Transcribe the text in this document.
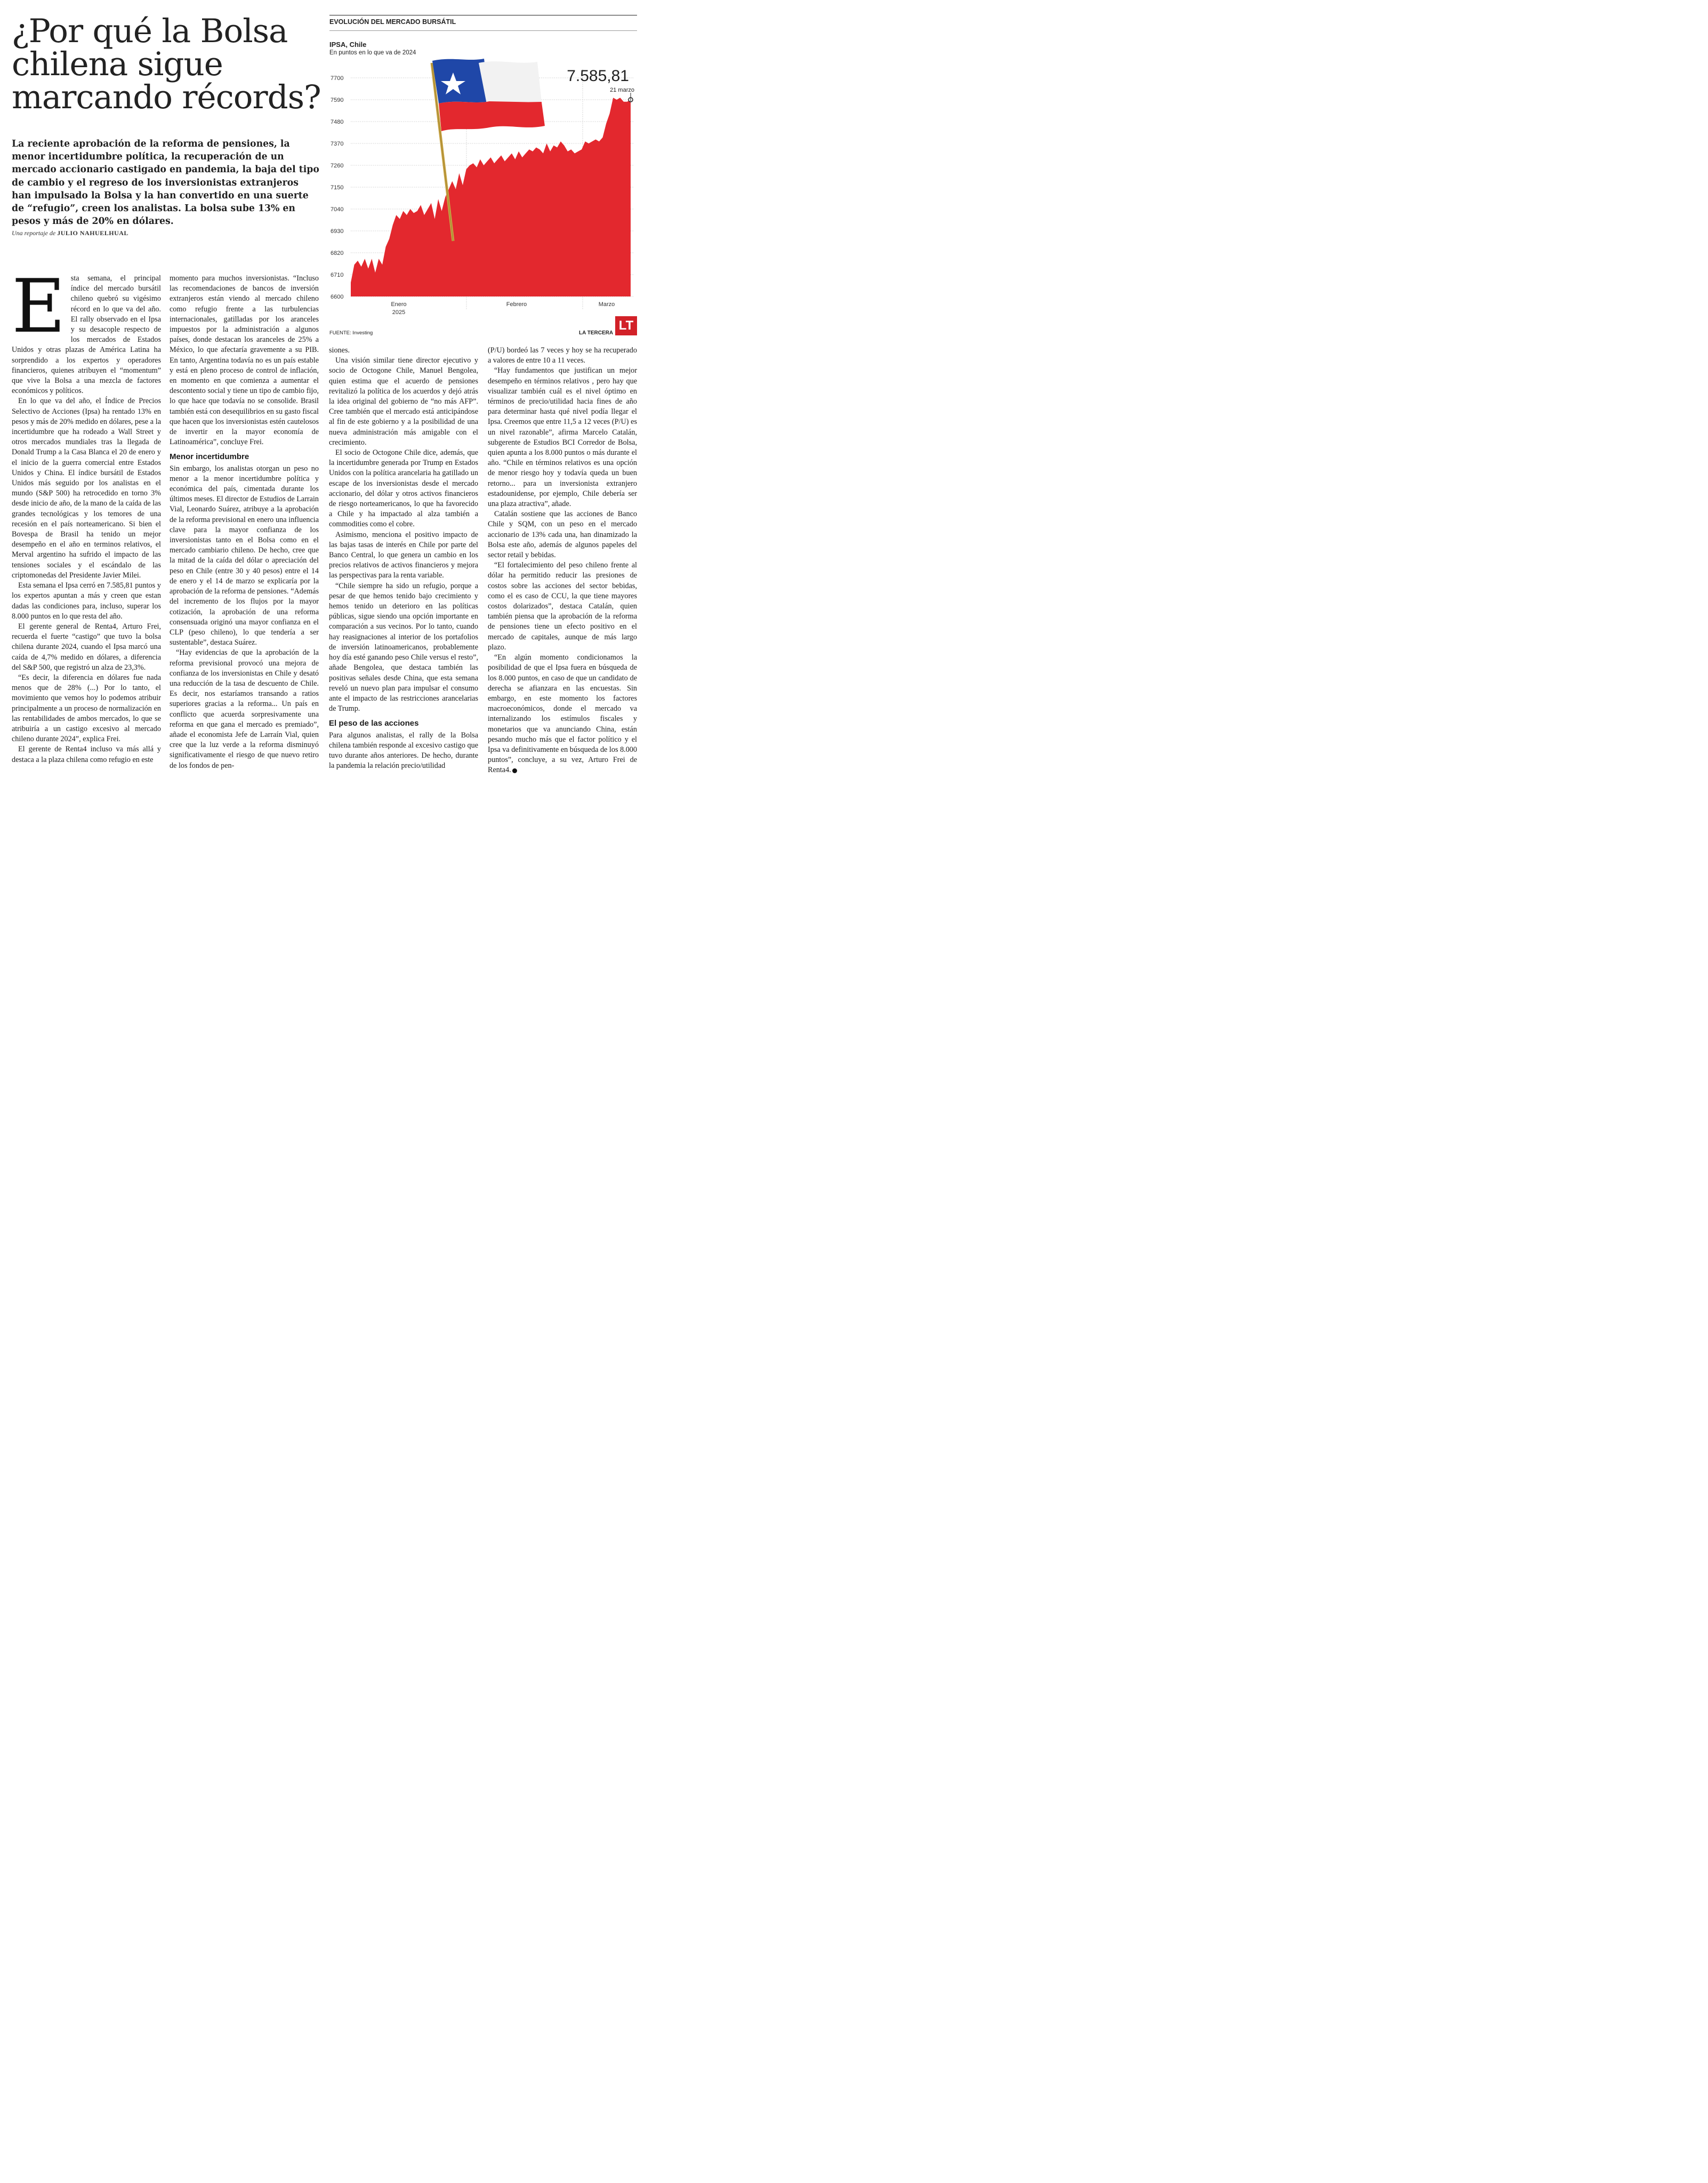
¿Por qué la Bolsa
chilena sigue
marcando récords?

La reciente aprobación de la reforma de pensiones, la menor incertidumbre política, la recuperación de un mercado accionario castigado en pandemia, la baja del tipo de cambio y el regreso de los inversionistas extranjeros han impulsado la Bolsa y la han convertido en una suerte de “refugio”, creen los analistas. La bolsa sube 13% en pesos y más de 20% en dólares.

Una reportaje de JULIO NAHUELHUAL
EVOLUCIÓN DEL MERCADO BURSÁTIL
IPSA, Chile
En puntos en lo que va de 2024
7700
7590
7480
7370
7260
7150
7040
6930
6820
6710
6600
Enero 2025
Febrero	Marzo
7.585,81
21 marzo
FUENTE: Investing	LA TERCERA
LT
E sta semana, el principal índice del mercado bursátil chileno quebró su vigésimo récord en lo que va del año. El rally observado en el Ipsa y su desacople respecto de los mercados de Estados Unidos y otras plazas de América Latina ha sorprendido a los expertos y operadores financieros, quienes atribuyen el “momentum” que vive la Bolsa a una mezcla de factores económicos y políticos.

En lo que va del año, el Índice de Precios Selectivo de Acciones (Ipsa) ha rentado 13% en pesos y más de 20% medido en dólares, pese a la incertidumbre que ha rodeado a Wall Street y otros mercados mundiales tras la llegada de Donald Trump a la Casa Blanca el 20 de enero y el inicio de la guerra comercial entre Estados Unidos y China. El índice bursátil de Estados Unidos más seguido por los analistas en el mundo (S&P 500) ha retrocedido en torno 3% desde inicio de año, de la mano de la caída de las grandes tecnológicas y los temores de una recesión en el país norteamericano. Si bien el Bovespa de Brasil ha tenido un mejor desempeño en el año en terminos relativos, el Merval argentino ha sufrido el impacto de las tensiones sociales y el escándalo de las criptomonedas del Presidente Javier Milei.

Esta semana el Ipsa cerró en 7.585,81 puntos y los expertos apuntan a más y creen que estan dadas las condiciones para, incluso, superar los 8.000 puntos en lo que resta del año.

El gerente general de Renta4, Arturo Frei, recuerda el fuerte “castigo” que tuvo la bolsa chilena durante 2024, cuando el Ipsa marcó una caída de 4,7% medido en dólares, a diferencia del S&P 500, que registró un alza de 23,3%.

“Es decir, la diferencia en dólares fue nada menos que de 28% (...) Por lo tanto, el movimiento que vemos hoy lo podemos atribuir principalmente a un proceso de normalización en las rentabilidades de ambos mercados, lo que se atribuiría a un castigo excesivo al mercado chileno durante 2024”, explica Frei.

El gerente de Renta4 incluso va más allá y destaca a la plaza chilena como refugio en este

momento para muchos inversionistas. “Incluso las recomendaciones de bancos de inversión extranjeros están viendo al mercado chileno como refugio frente a las turbulencias internacionales, gatilladas por los aranceles impuestos por la administración a algunos países, donde destacan los aranceles de 25% a México, lo que afectaría gravemente a su PIB. En tanto, Argentina todavía no es un país estable y está en pleno proceso de control de inflación, en momento en que comienza a aumentar el descontento social y tiene un tipo de cambio fijo, lo que hace que todavía no se consolide. Brasil también está con desequilibrios en su gasto fiscal que hacen que los inversionistas estén cautelosos de invertir en la mayor economía de Latinoamérica”, concluye Frei.

Menor incertidumbre

Sin embargo, los analistas otorgan un peso no menor a la menor incertidumbre política y económica del país, cimentada durante los últimos meses. El director de Estudios de Larrain Vial, Leonardo Suárez, atribuye a la aprobación de la reforma previsional en enero una influencia clave para la mayor confianza de los inversionistas tanto en el Bolsa como en el mercado cambiario chileno. De hecho, cree que la mitad de la caída del dólar o apreciación del peso en Chile (entre 30 y 40 pesos) entre el 14 de enero y el 14 de marzo se explicaría por la aprobación de la reforma de pensiones. “Además del incremento de los flujos por la mayor cotización, la aprobación de una reforma consensuada originó una mayor confianza en el CLP (peso chileno), lo que tendería a ser sustentable”, destaca Suárez.

“Hay evidencias de que la aprobación de la reforma previsional provocó una mejora de confianza de los inversionistas en Chile y desató una reducción de la tasa de descuento de Chile. Es decir, nos estaríamos transando a ratios superiores gracias a la reforma... Un país en conflicto que acuerda sorpresivamente una reforma en que gana el mercado es premiado”, añade el economista Jefe de Larraín Vial, quien cree que la luz verde a la reforma disminuyó significativamente el riesgo de que nuevo retiro de los fondos de pen-

siones.

Una visión similar tiene director ejecutivo y socio de Octogone Chile, Manuel Bengolea, quien estima que el acuerdo de pensiones revitalizó la política de los acuerdos y dejó atrás la idea original del gobierno de “no más AFP”. Cree también que el mercado está anticipándose al fin de este gobierno y a la posibilidad de una nueva administración más amigable con el crecimiento.

El socio de Octogone Chile dice, además, que la incertidumbre generada por Trump en Estados Unidos con la política arancelaria ha gatillado un escape de los inversionistas desde el mercado accionario, del dólar y otros activos financieros de riesgo norteamericanos, lo que ha favorecido a Chile y ha impactado al alza también a commodities como el cobre.

Asimismo, menciona el positivo impacto de las bajas tasas de interés en Chile por parte del Banco Central, lo que genera un cambio en los precios relativos de activos financieros y mejora las perspectivas para la renta variable.

“Chile siempre ha sido un refugio, porque a pesar de que hemos tenido bajo crecimiento y hemos tenido un deterioro en las políticas públicas, sigue siendo una opción importante en comparación a sus vecinos. Por lo tanto, cuando hay reasignaciones al interior de los portafolios de inversión latinoamericanos, probablemente hoy día esté ganando peso Chile versus el resto”, añade Bengolea, que destaca también las positivas señales desde China, que esta semana reveló un nuevo plan para impulsar el consumo ante el impacto de las restricciones arancelarias de Trump.

El peso de las acciones

Para algunos analistas, el rally de la Bolsa chilena también responde al excesivo castigo que tuvo durante años anteriores. De hecho, durante la pandemia la relación precio/utilidad

(P/U) bordeó las 7 veces y hoy se ha recuperado a valores de entre 10 a 11 veces.

“Hay fundamentos que justifican un mejor desempeño en términos relativos , pero hay que visualizar también cuál es el nivel óptimo en términos de precio/utilidad hacia fines de año para determinar hasta qué nivel podía llegar el Ipsa. Creemos que entre 11,5 a 12 veces (P/U) es un nivel razonable”, afirma Marcelo Catalán, subgerente de Estudios BCI Corredor de Bolsa, quien apunta a los 8.000 puntos o más durante el año. “Chile en términos relativos es una opción de menor riesgo hoy y todavía queda un buen retorno... para un inversionista extranjero estadounidense, por ejemplo, Chile debería ser una plaza atractiva”, añade.

Catalán sostiene que las acciones de Banco Chile y SQM, con un peso en el mercado accionario de 13% cada una, han dinamizado la Bolsa este año, además de algunos papeles del sector retail y bebidas.

“El fortalecimiento del peso chileno frente al dólar ha permitido reducir las presiones de costos sobre las acciones del sector bebidas, como el es caso de CCU, la que tiene mayores costos dolarizados”, destaca Catalán, quien también piensa que la aprobación de la reforma de pensiones tiene un efecto positivo en el mercado de capitales, aunque de más largo plazo.

“En algún momento condicionamos la posibilidad de que el Ipsa fuera en búsqueda de los 8.000 puntos, en caso de que un candidato de derecha se afianzara en las encuestas. Sin embargo, en este momento los factores macroeconómicos, donde el mercado va internalizando los estímulos fiscales y monetarios que va anunciando China, están pesando mucho más que el factor político y el Ipsa va definitivamente en búsqueda de los 8.000 puntos”, concluye, a su vez, Arturo Frei de Renta4.
